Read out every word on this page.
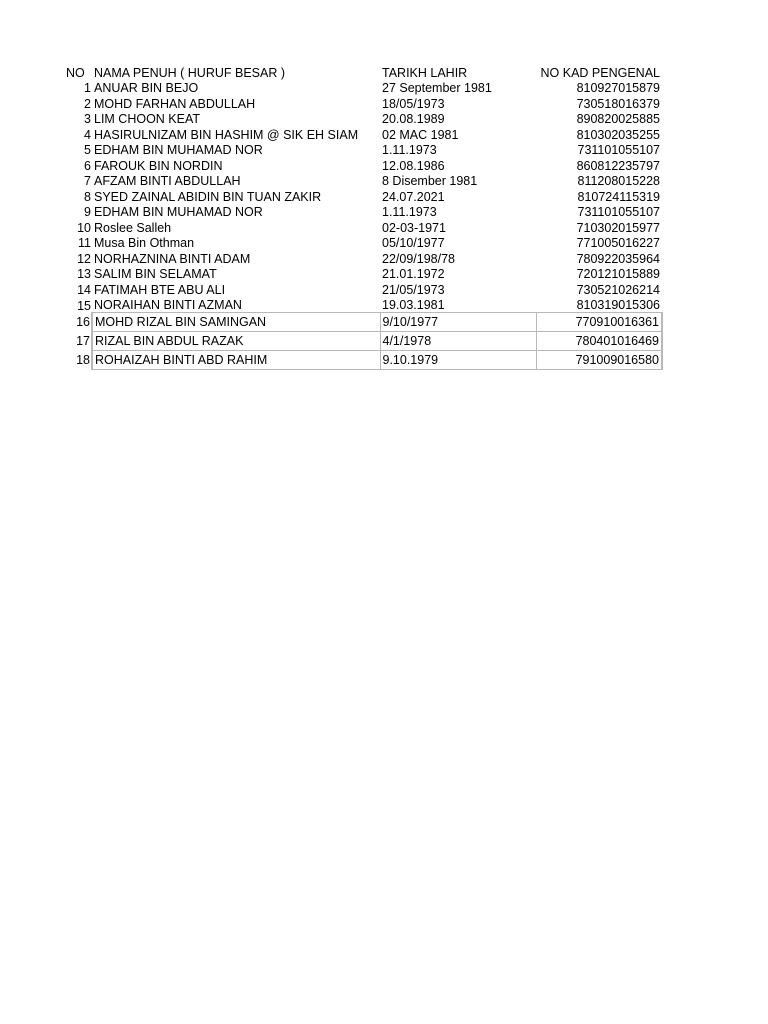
NO	NAMA PENUH ( HURUF BESAR )	TARIKH LAHIR	NO KAD PENGENAL
1	ANUAR BIN BEJO	27 September 1981	810927015879
2	MOHD FARHAN ABDULLAH	18/05/1973	730518016379
3	LIM CHOON KEAT	20.08.1989	890820025885
4	HASIRULNIZAM BIN HASHIM @ SIK EH SIAM	02 MAC 1981	810302035255
5	EDHAM BIN MUHAMAD NOR	1.11.1973	731101055107
6	FAROUK BIN NORDIN	12.08.1986	860812235797
7	AFZAM BINTI ABDULLAH	8 Disember 1981	811208015228
8	SYED ZAINAL ABIDIN BIN TUAN ZAKIR	24.07.2021	810724115319
9	EDHAM BIN MUHAMAD NOR	1.11.1973	731101055107
10	Roslee Salleh	02-03-1971	710302015977
11	Musa Bin Othman	05/10/1977	771005016227
12	NORHAZNINA BINTI ADAM	22/09/198/78	780922035964
13	SALIM BIN SELAMAT	21.01.1972	720121015889
14	FATIMAH BTE ABU ALI	21/05/1973	730521026214
15	NORAIHAN BINTI AZMAN	19.03.1981	810319015306
16	MOHD RIZAL BIN SAMINGAN	9/10/1977	770910016361
17	RIZAL BIN ABDUL RAZAK	4/1/1978	780401016469
18	ROHAIZAH BINTI ABD RAHIM	9.10.1979	791009016580
